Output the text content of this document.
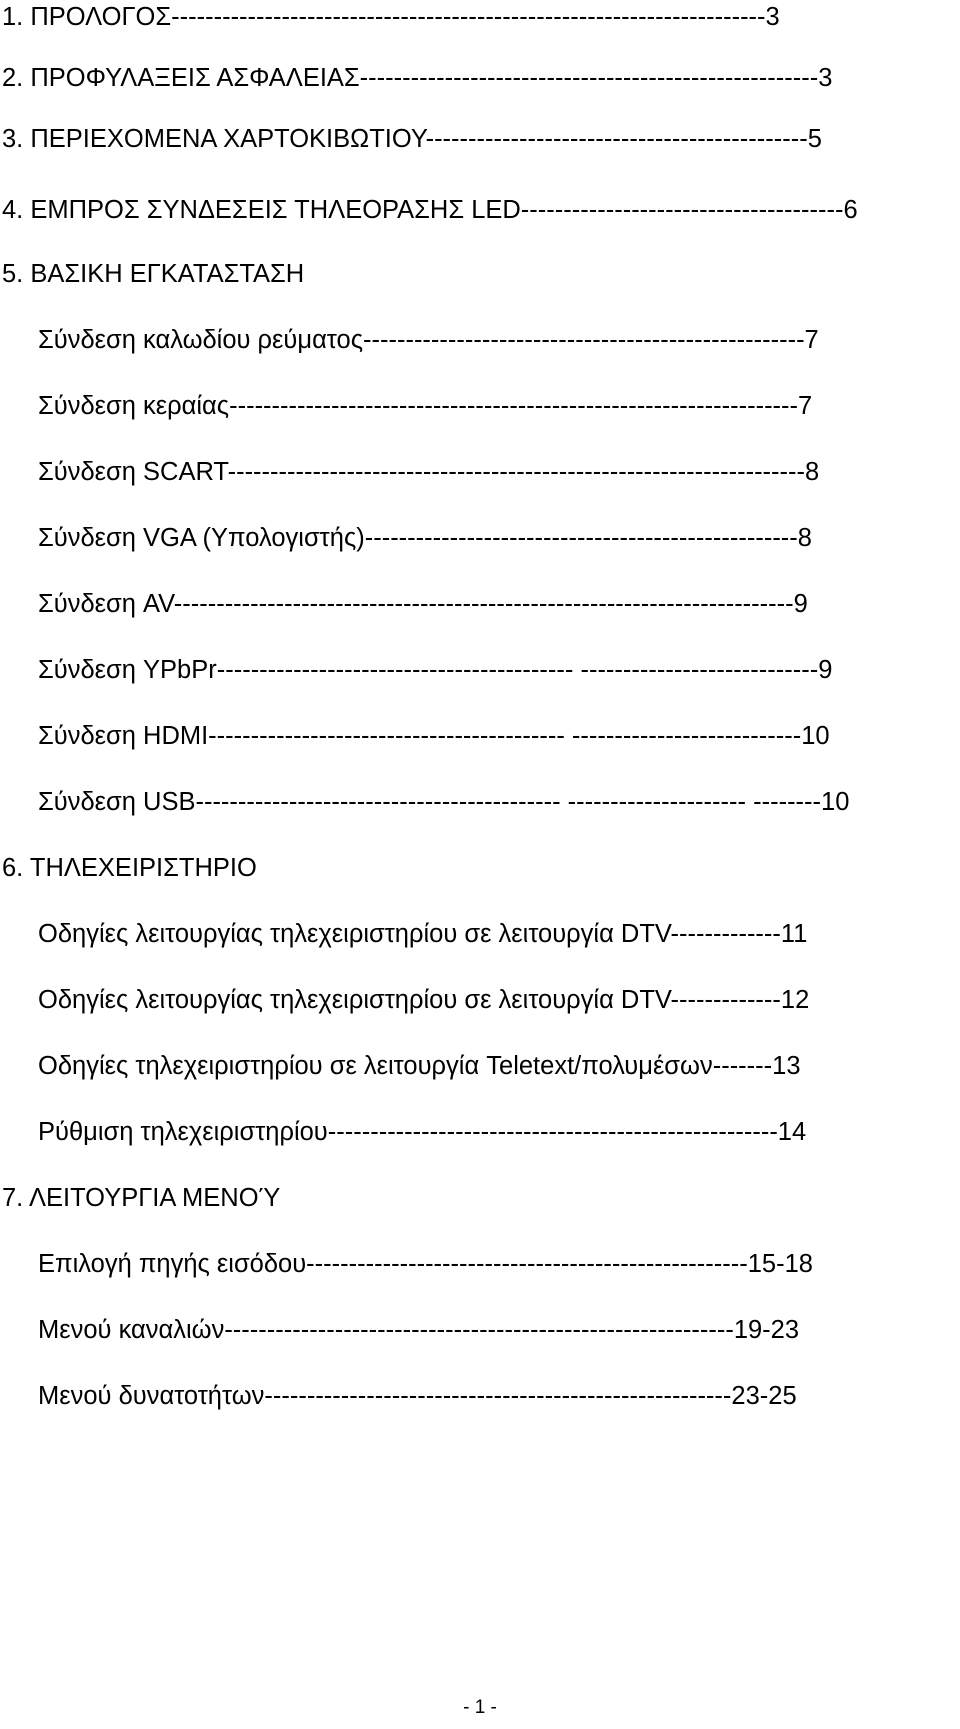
1. ΠΡΟΛΟΓΟΣ----------------------------------------------------------------------3
2. ΠΡΟΦΥΛΑΞΕΙΣ ΑΣΦΑΛΕΙΑΣ------------------------------------------------------3
3. ΠΕΡΙΕΧΟΜΕΝΑ ΧΑΡΤΟΚΙΒΩΤΙΟΥ---------------------------------------------5
4. ΕΜΠΡΟΣ ΣΥΝΔΕΣΕΙΣ ΤΗΛΕΟΡΑΣΗΣ LED--------------------------------------6
5. ΒΑΣΙΚΗ ΕΓΚΑΤΑΣΤΑΣΗ
Σύνδεση καλωδίου ρεύματος----------------------------------------------------7
Σύνδεση κεραίας-------------------------------------------------------------------7
Σύνδεση SCART--------------------------------------------------------------------8
Σύνδεση VGA (Υπολογιστής)---------------------------------------------------8
Σύνδεση AV-------------------------------------------------------------------------9
Σύνδεση YPbPr------------------------------------------ ----------------------------9
Σύνδεση HDMI------------------------------------------ ---------------------------10
Σύνδεση USB------------------------------------------- --------------------- --------10
6. ΤΗΛΕΧΕΙΡΙΣΤΗΡΙΟ
Οδηγίες λειτουργίας τηλεχειριστηρίου σε λειτουργία DTV-------------11
Οδηγίες λειτουργίας τηλεχειριστηρίου σε λειτουργία DTV-------------12
Οδηγίες τηλεχειριστηρίου σε λειτουργία Teletext/πολυμέσων-------13
Ρύθμιση τηλεχειριστηρίου-----------------------------------------------------14
7. ΛΕΙΤΟΥΡΓΙΑ ΜΕΝΟΎ
Επιλογή πηγής εισόδου----------------------------------------------------15-18
Μενού καναλιών------------------------------------------------------------19-23
Μενού δυνατοτήτων-------------------------------------------------------23-25
- 1 -
